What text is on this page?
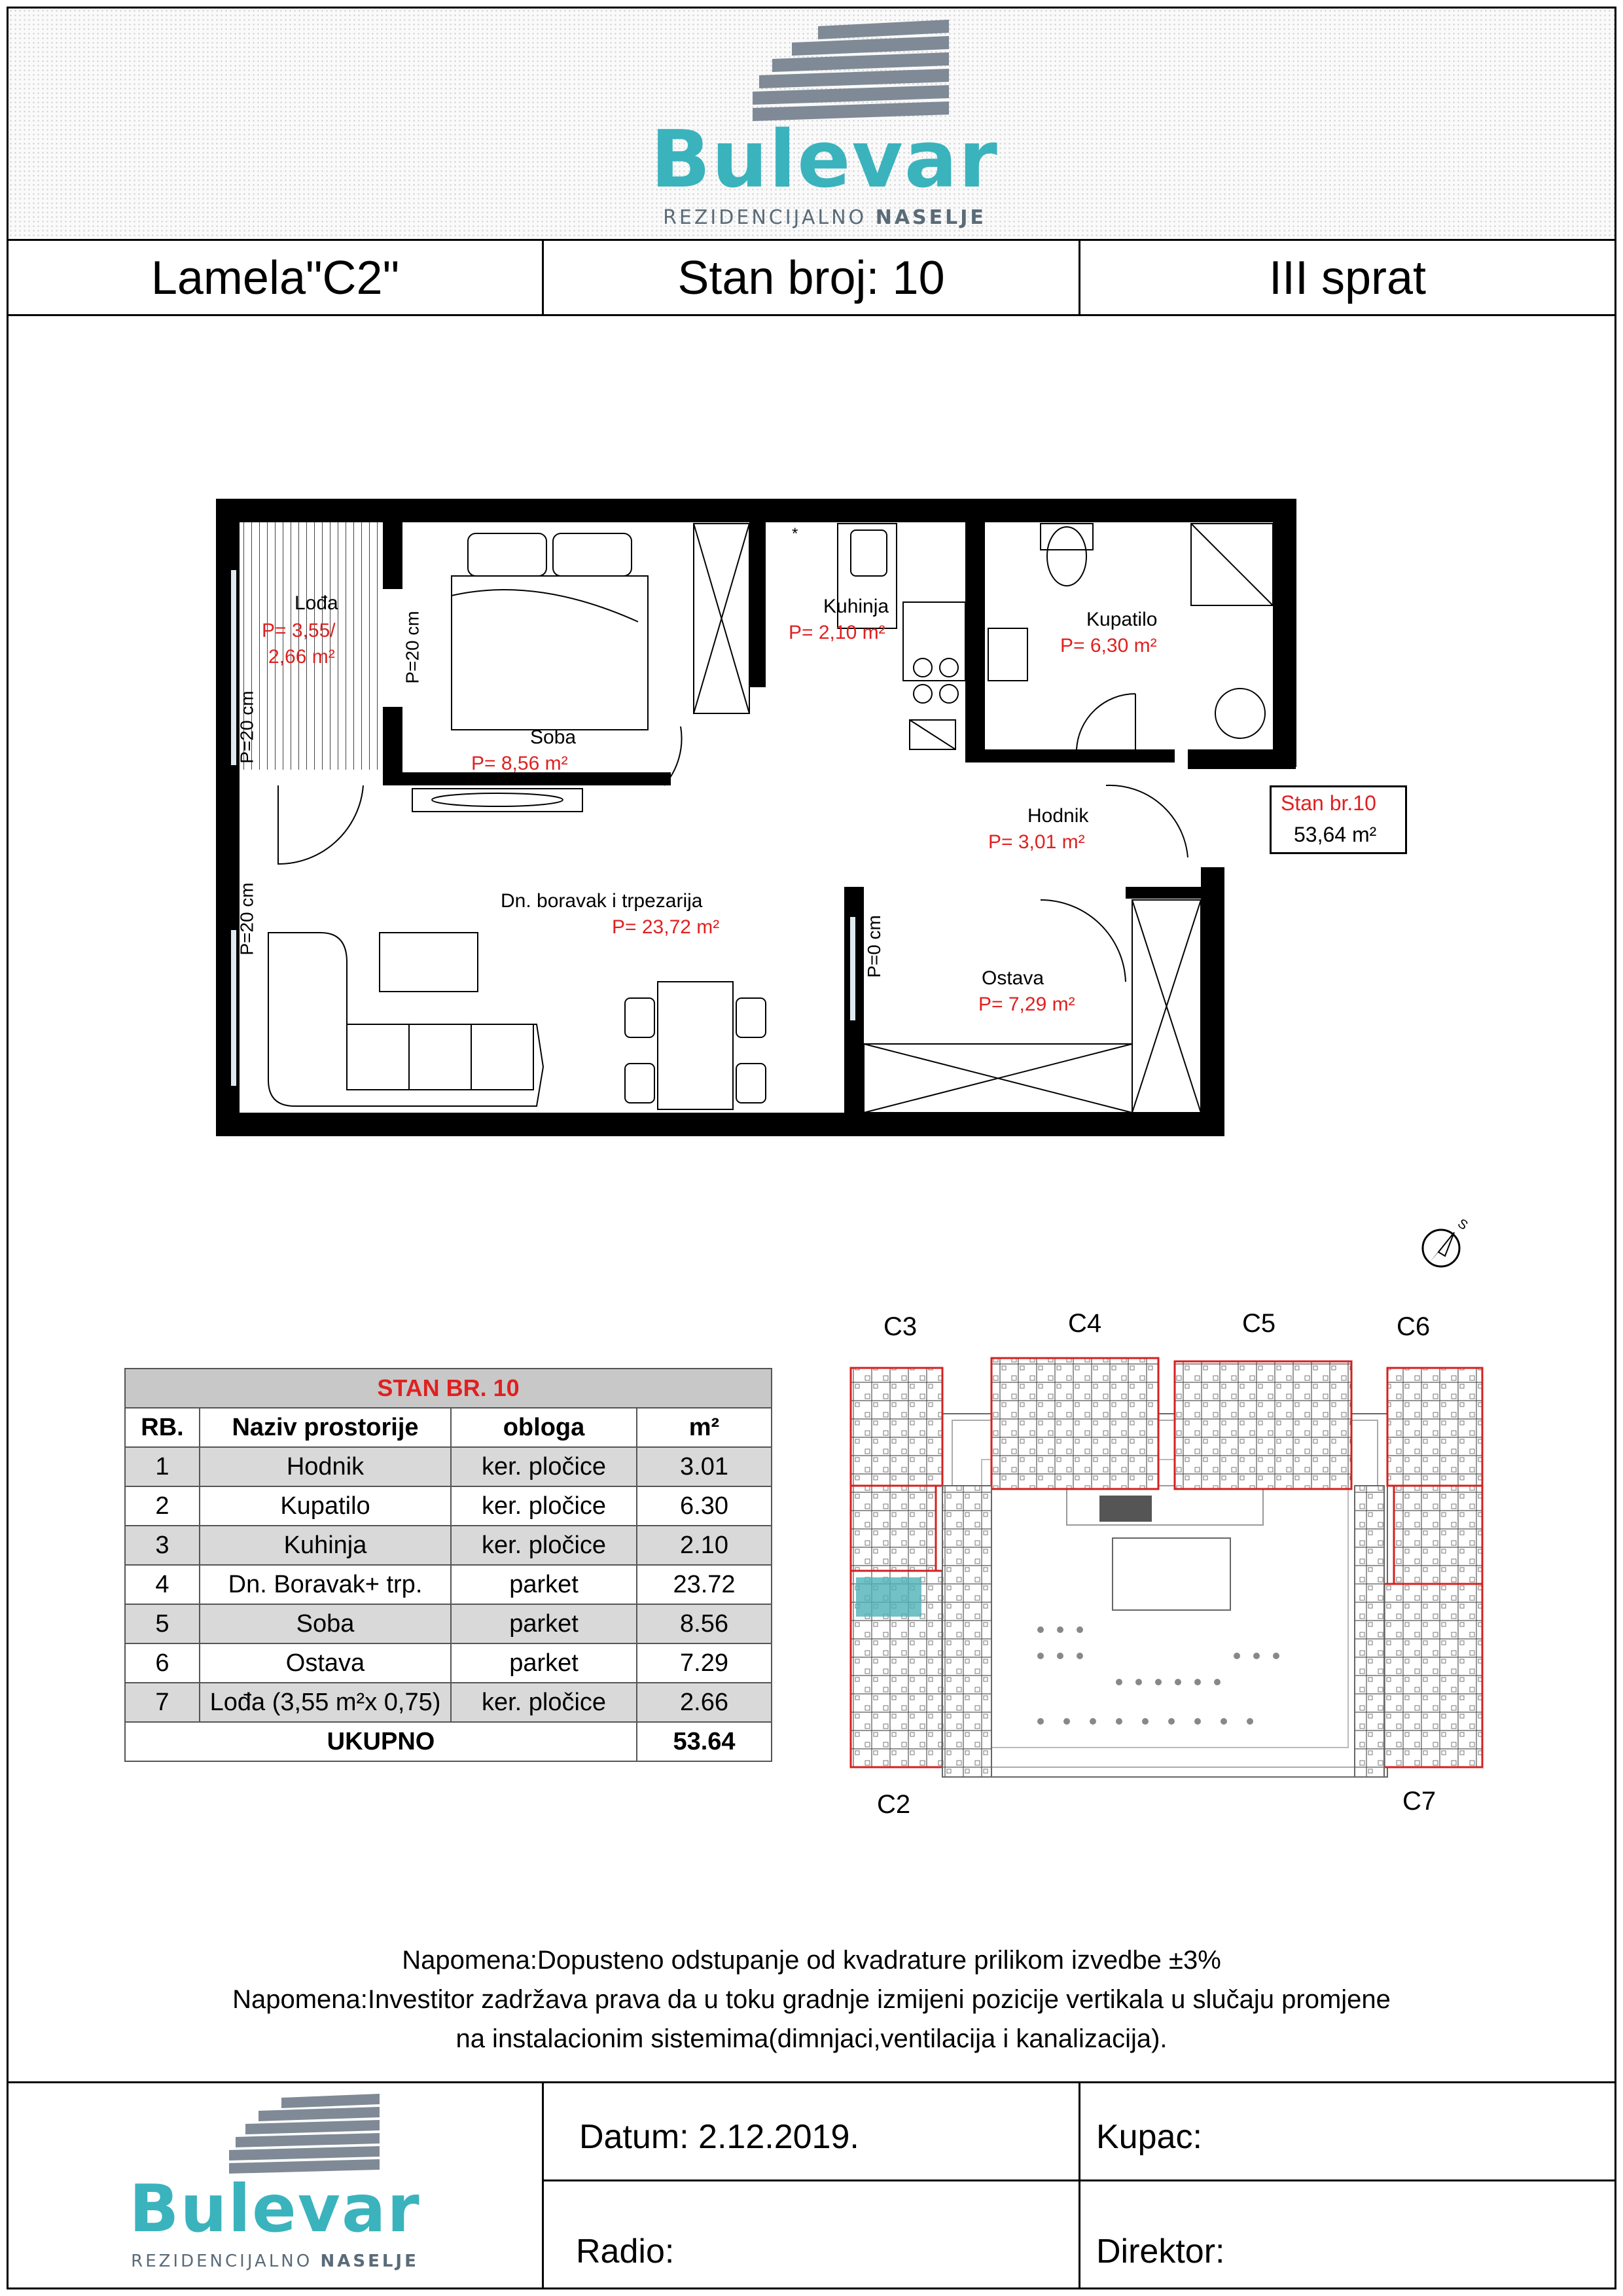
Bulevar
REZIDENCIJALNO NASELJE
Lamela"C2"	Stan broj: 10	III sprat
Lođa
P= 3,55/
2,66 m²
Soba
P= 8,56 m²
Kuhinja
P= 2,10 m²
Kupatilo
P= 6,30 m²
Hodnik
P= 3,01 m²
Dn. boravak i trpezarija
P= 23,72 m²
Ostava
P= 7,29 m²
P=20 cm
P=20 cm
P=20 cm	P=0 cm
*
Stan br.10
53,64 m²
S
STAN BR. 10			
RB.	Naziv prostorije	obloga	m²
1	Hodnik	ker. pločice	3.01
2	Kupatilo	ker. pločice	6.30
3	Kuhinja	ker. pločice	2.10
4	Dn. Boravak+ trp.	parket	23.72
5	Soba	parket	8.56
6	Ostava	parket	7.29
7	Lođa (3,55 m²x 0,75)	ker. pločice	2.66
UKUPNO			53.64
C3	C4	C5	C6
C2	C7
Napomena:Dopusteno odstupanje od kvadrature prilikom izvedbe ±3%
Napomena:Investitor zadržava prava da u toku gradnje izmijeni pozicije vertikala u slučaju promjene
na instalacionim sistemima(dimnjaci,ventilacija i kanalizacija).
Bulevar
REZIDENCIJALNO NASELJE
Datum: 2.12.2019.	Kupac:
Radio:	Direktor:
